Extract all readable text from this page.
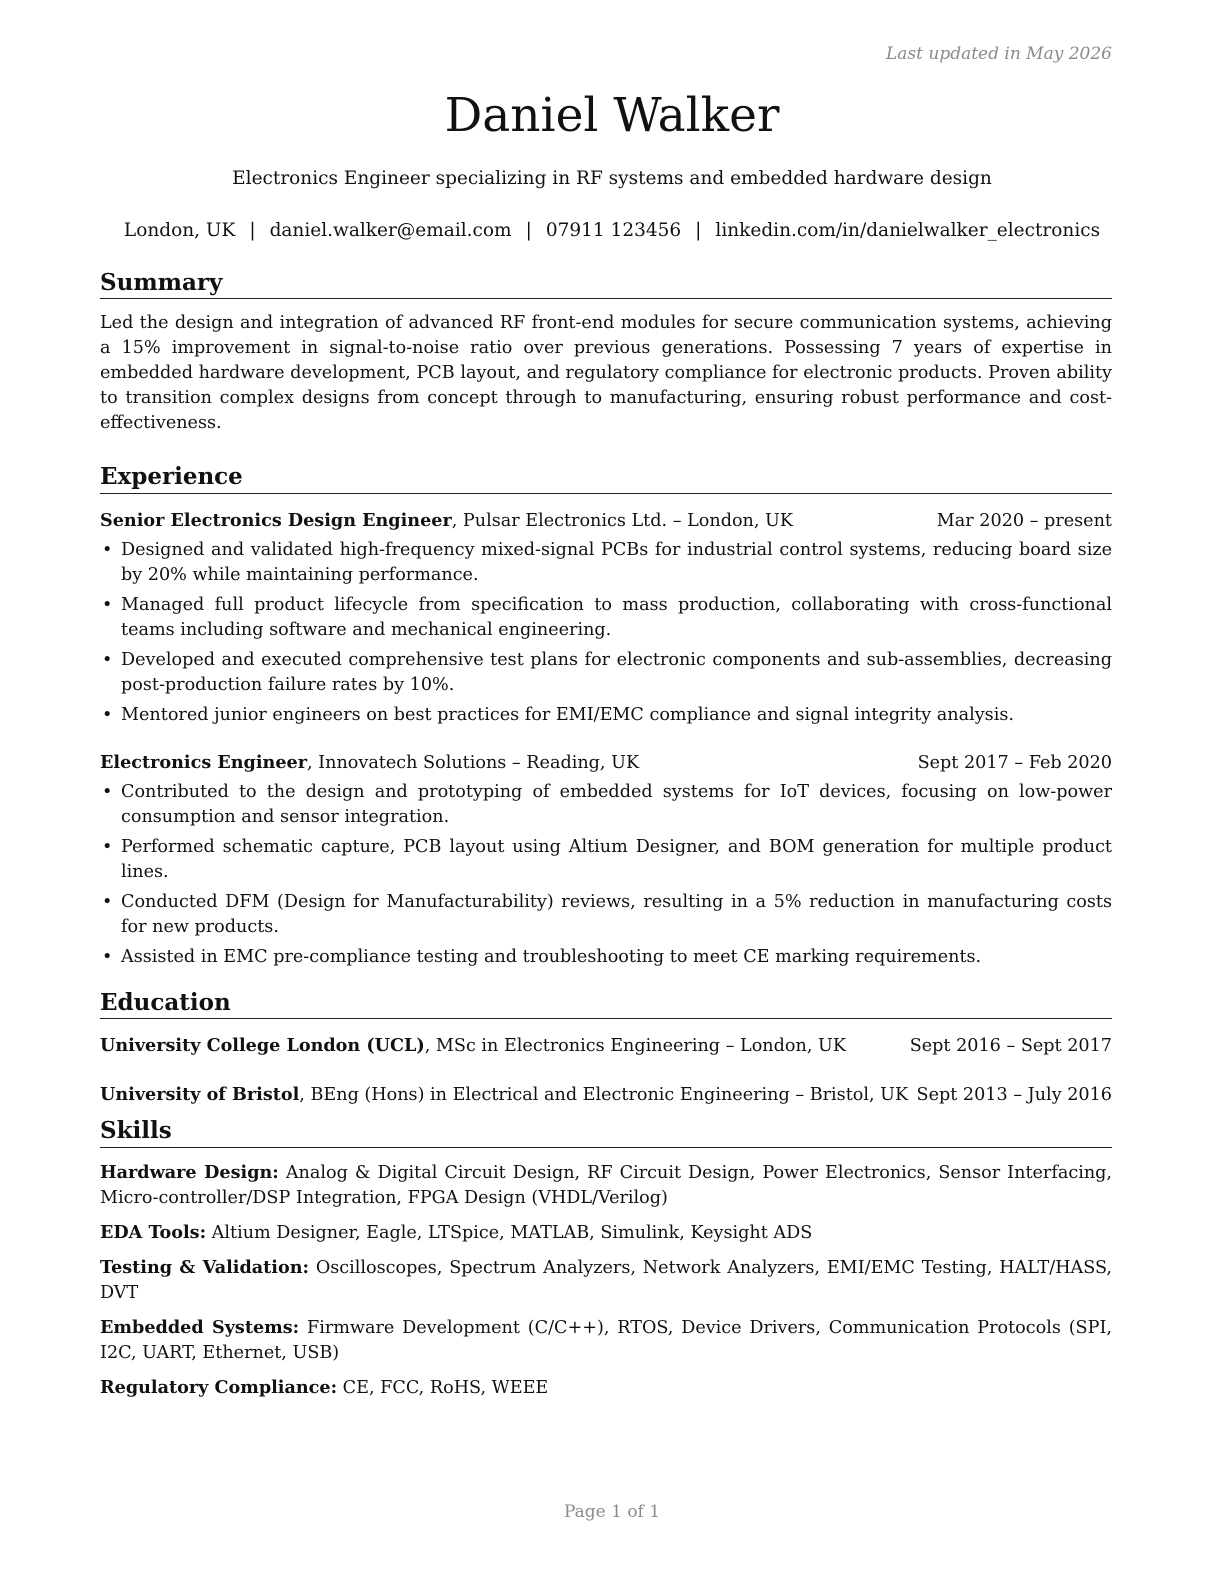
Last updated in May 2026
Daniel Walker
Electronics Engineer specializing in RF systems and embedded hardware design
London, UK | daniel.walker@email.com | 07911 123456 | linkedin.com/in/danielwalker_electronics
Summary

Led the design and integration of advanced RF front-end modules for secure communication systems, achieving a 15% improvement in signal-to-noise ratio over previous generations. Possessing 7 years of expertise in embedded hardware development, PCB layout, and regulatory compliance for electronic products. Proven ability to transition complex designs from concept through to manufacturing, ensuring robust performance and cost-effectiveness.

Experience
Senior Electronics Design Engineer, Pulsar Electronics Ltd. – London, UK	Mar 2020 – present
• Designed and validated high-frequency mixed-signal PCBs for industrial control systems, reducing board size by 20% while maintaining performance.
• Managed full product lifecycle from specification to mass production, collaborating with cross-functional teams including software and mechanical engineering.
• Developed and executed comprehensive test plans for electronic components and sub-assemblies, decreasing post-production failure rates by 10%.
• Mentored junior engineers on best practices for EMI/EMC compliance and signal integrity analysis.
Electronics Engineer, Innovatech Solutions – Reading, UK	Sept 2017 – Feb 2020
• Contributed to the design and prototyping of embedded systems for IoT devices, focusing on low-power consumption and sensor integration.
• Performed schematic capture, PCB layout using Altium Designer, and BOM generation for multiple product lines.
• Conducted DFM (Design for Manufacturability) reviews, resulting in a 5% reduction in manufacturing costs for new products.
• Assisted in EMC pre-compliance testing and troubleshooting to meet CE marking requirements.
Education
University College London (UCL), MSc in Electronics Engineering – London, UK	Sept 2016 – Sept 2017
University of Bristol, BEng (Hons) in Electrical and Electronic Engineering – Bristol, UK Sept 2013 – July 2016
Skills

Hardware Design: Analog & Digital Circuit Design, RF Circuit Design, Power Electronics, Sensor Interfacing, Micro-controller/DSP Integration, FPGA Design (VHDL/Verilog)

EDA Tools: Altium Designer, Eagle, LTSpice, MATLAB, Simulink, Keysight ADS

Testing & Validation: Oscilloscopes, Spectrum Analyzers, Network Analyzers, EMI/EMC Testing, HALT/HASS, DVT

Embedded Systems: Firmware Development (C/C++), RTOS, Device Drivers, Communication Protocols (SPI, I2C, UART, Ethernet, USB)

Regulatory Compliance: CE, FCC, RoHS, WEEE

Page 1 of 1
